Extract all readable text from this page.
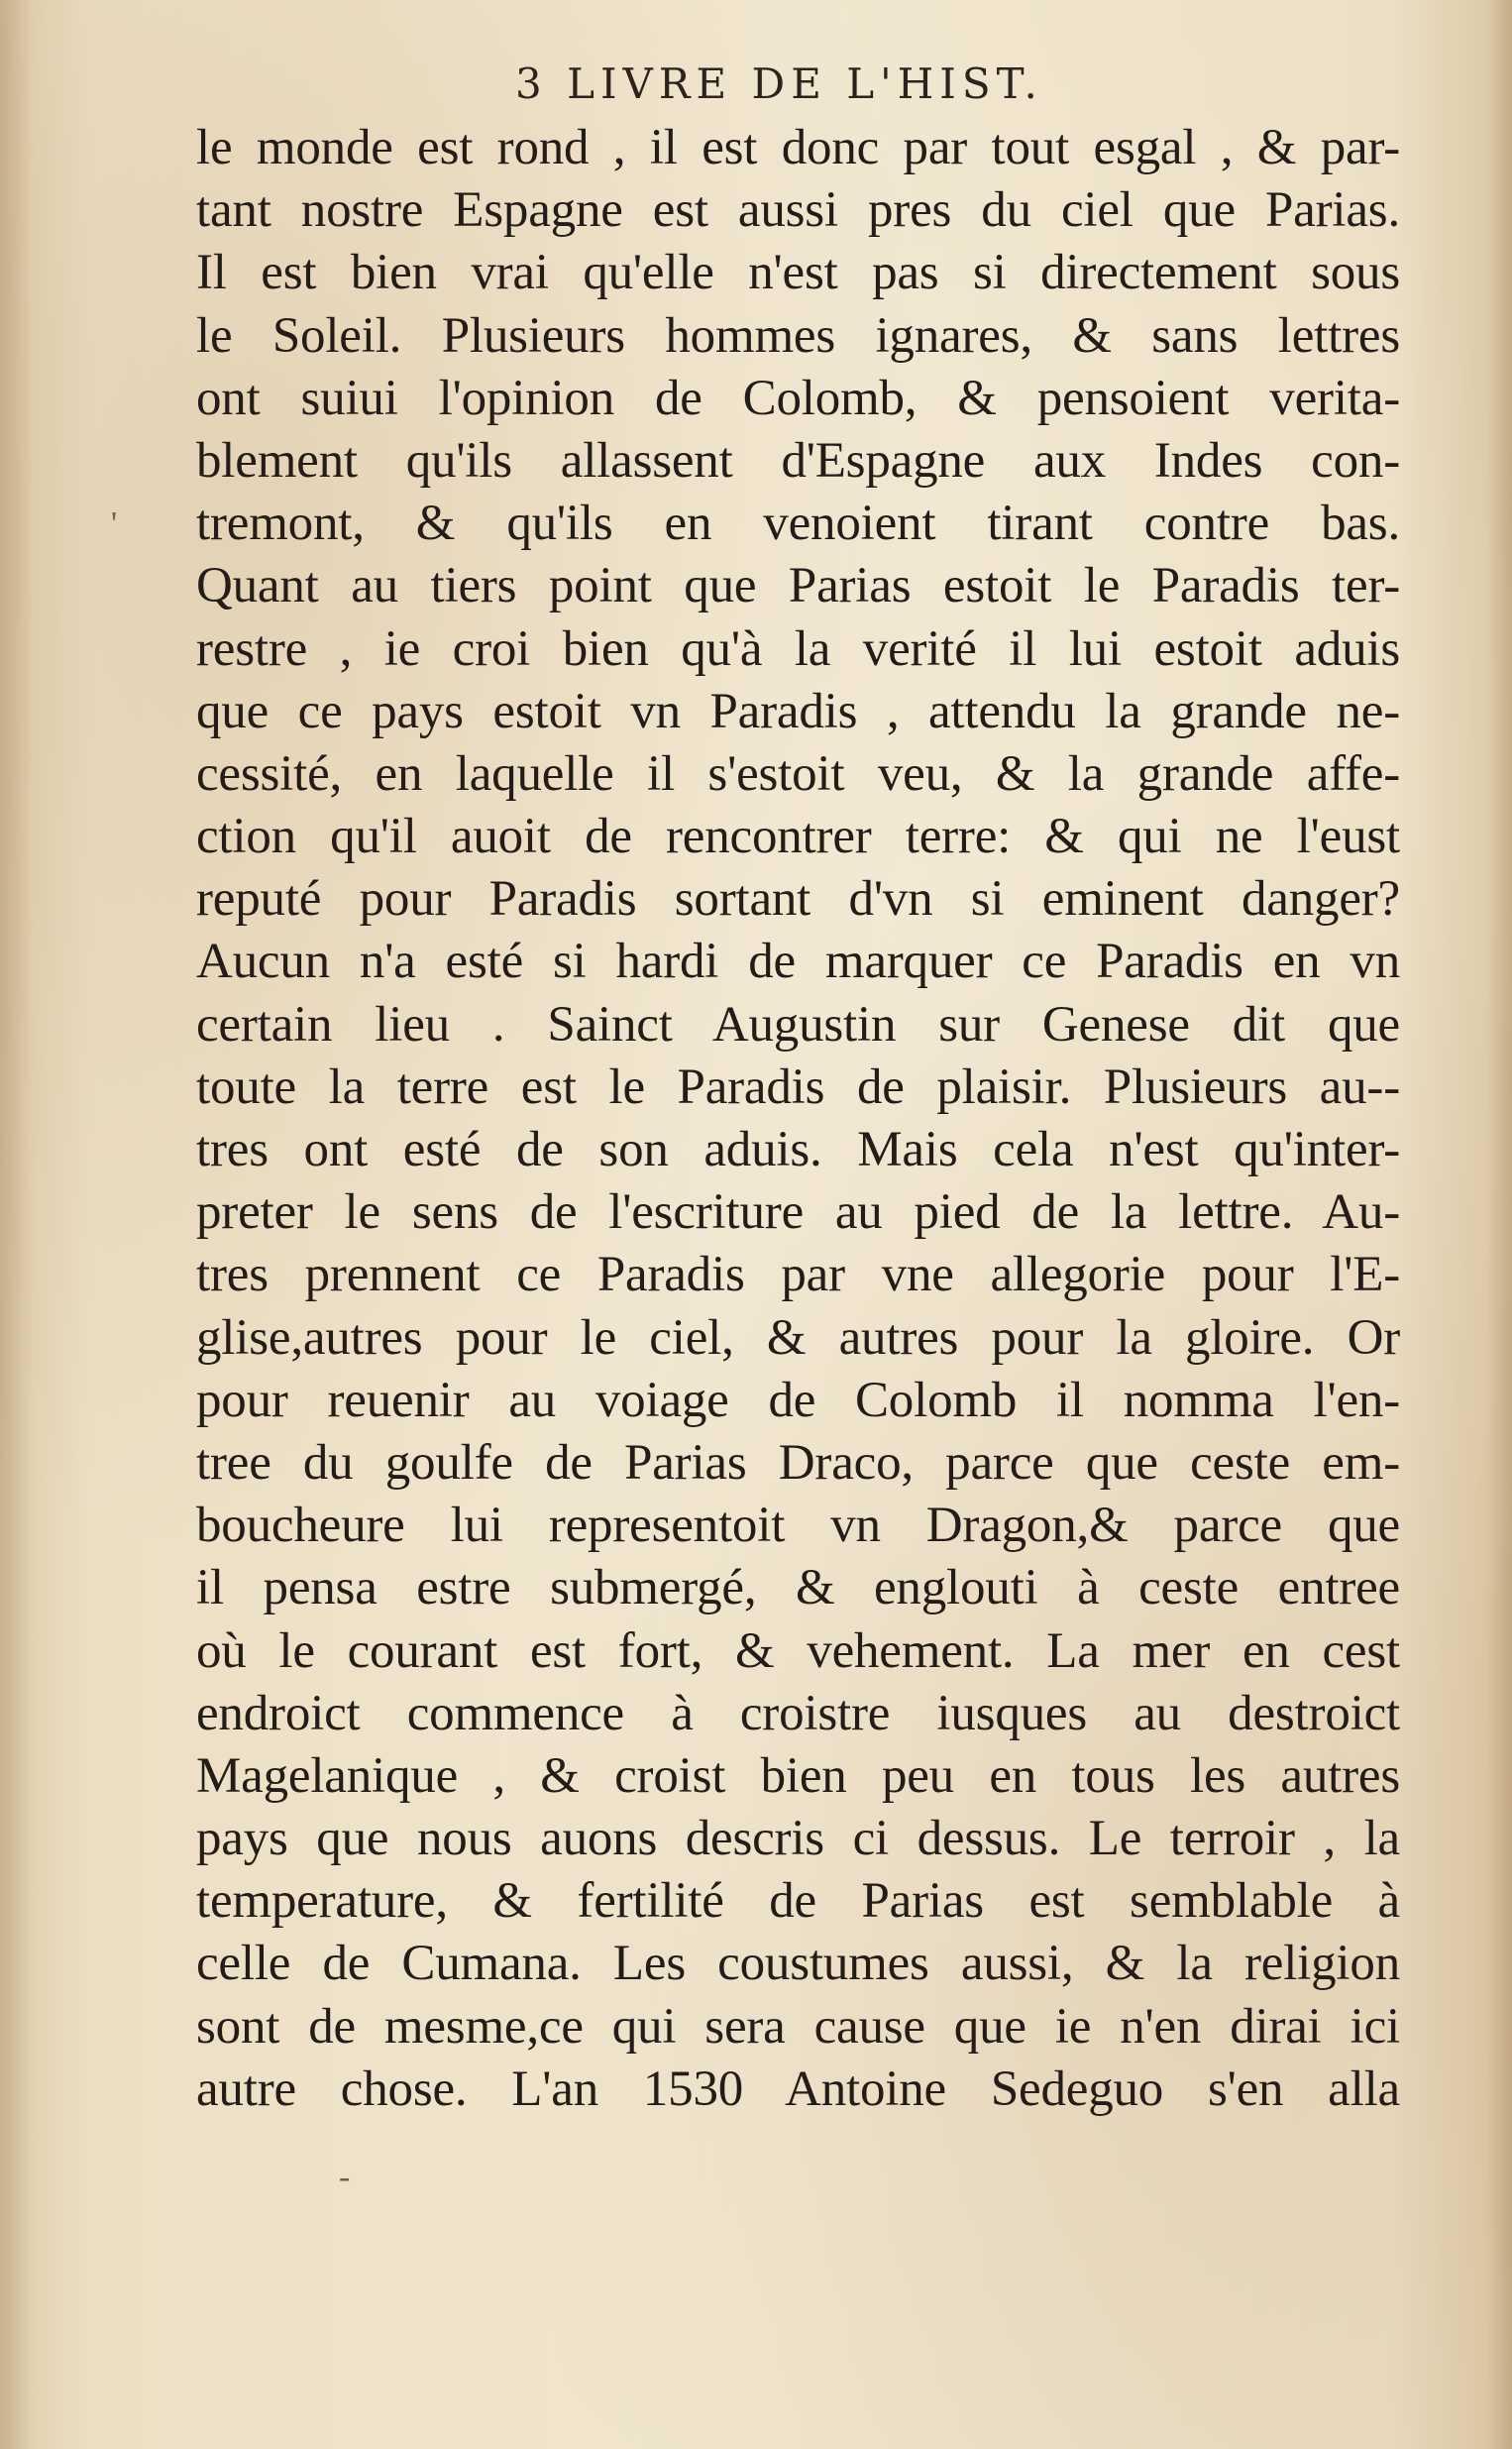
3 LIVRE DE L'HIST.
'
le monde est rond , il est donc par tout esgal , & par-
tant nostre Espagne est aussi pres du ciel que Parias.
Il est bien vrai qu'elle n'est pas si directement sous
le Soleil. Plusieurs hommes ignares, & sans lettres
ont suiui l'opinion de Colomb, & pensoient verita-
blement qu'ils allassent d'Espagne aux Indes con-
tremont, & qu'ils en venoient tirant contre bas.
Quant au tiers point que Parias estoit le Paradis ter-
restre , ie croi bien qu'à la verité il lui estoit aduis
que ce pays estoit vn Paradis , attendu la grande ne-
cessité, en laquelle il s'estoit veu, & la grande affe-
ction qu'il auoit de rencontrer terre: & qui ne l'eust
reputé pour Paradis sortant d'vn si eminent danger?
Aucun n'a esté si hardi de marquer ce Paradis en vn
certain lieu . Sainct Augustin sur Genese dit que
toute la terre est le Paradis de plaisir. Plusieurs au--
tres ont esté de son aduis. Mais cela n'est qu'inter-
preter le sens de l'escriture au pied de la lettre. Au-
tres prennent ce Paradis par vne allegorie pour l'E-
glise,autres pour le ciel, & autres pour la gloire. Or
pour reuenir au voiage de Colomb il nomma l'en-
tree du goulfe de Parias Draco, parce que ceste em-
boucheure lui representoit vn Dragon,& parce que
il pensa estre submergé, & englouti à ceste entree
où le courant est fort, & vehement. La mer en cest
endroict commence à croistre iusques au destroict
Magelanique , & croist bien peu en tous les autres
pays que nous auons descris ci dessus. Le terroir , la
temperature, & fertilité de Parias est semblable à
celle de Cumana. Les coustumes aussi, & la religion
sont de mesme,ce qui sera cause que ie n'en dirai ici
autre chose. L'an 1530 Antoine Sedeguo s'en alla
-
